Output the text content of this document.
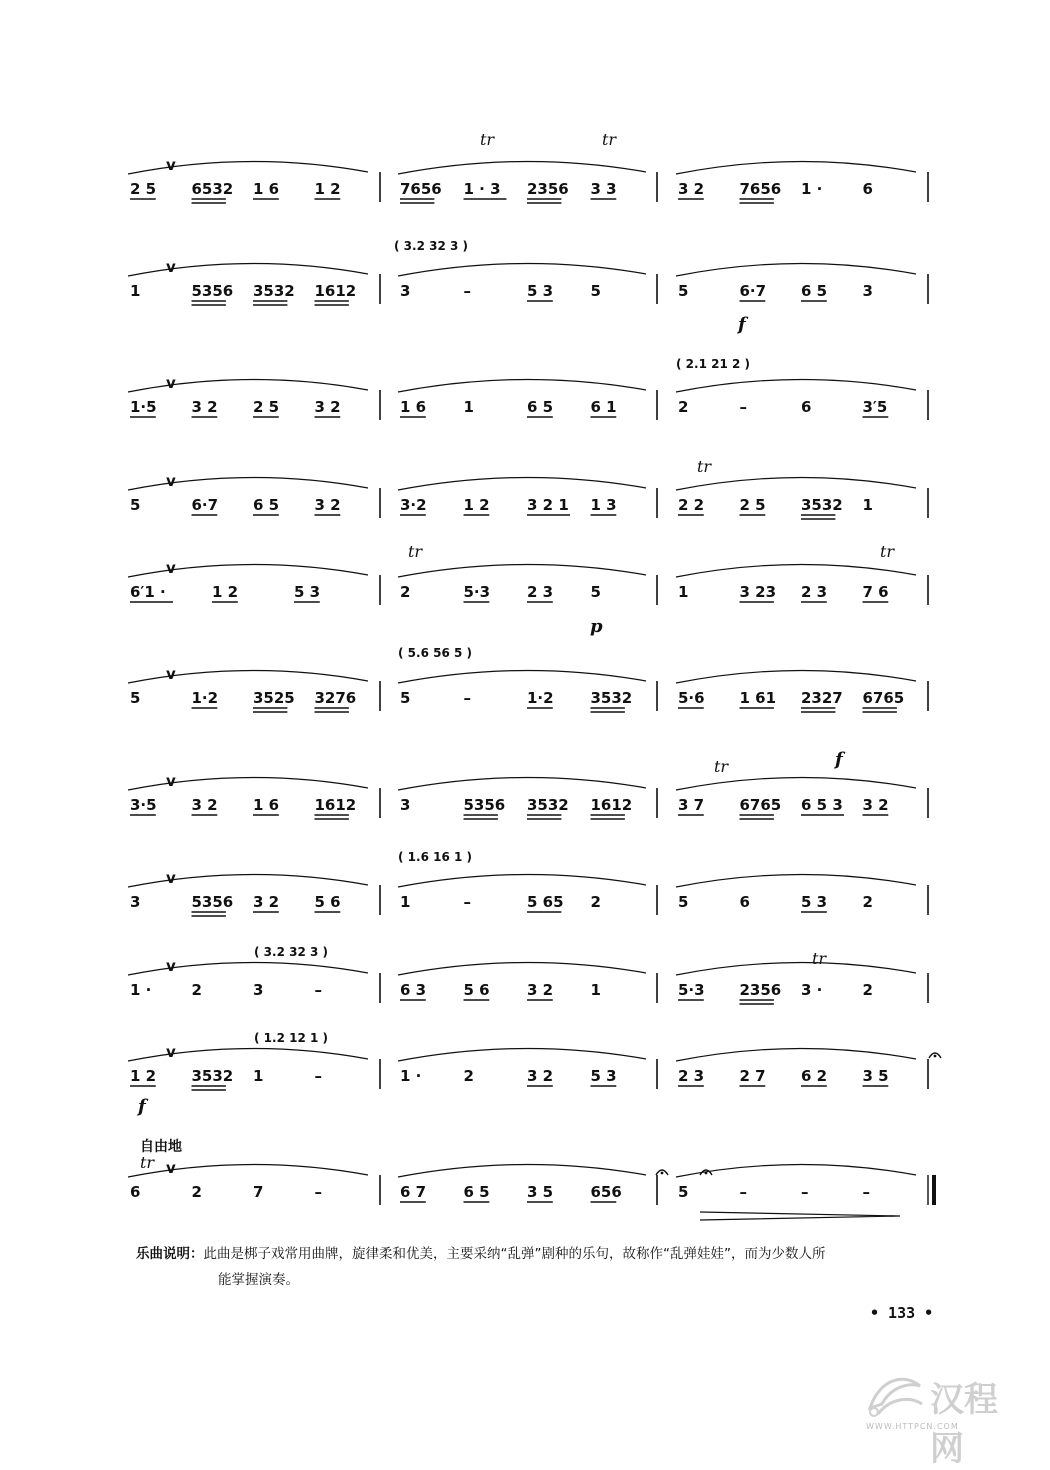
2 5 6532 1 6 1 2	7656 1 · 3 2356 3 3	3 2 7656 1 ·	6
v
1	5356 3532 1612	3	–	5 3 5	5	6·7 6 5 3
v
1·5 3 2 2 5 3 2	1 6 1	6 5 6 1	2	–	6	3′5
v
5	6·7 6 5 3 2	3·2 1 2 3 2 1 1 3	2 2 2 5 3532 1
v
6′1 ·	1 2	5 3	2	5·3 2 3 5	1	3 23 2 3 7 6
v
5	1·2 3525 3276	5	–	1·2 3532	5·6 1 61 2327 6765
v
3·5 3 2 1 6 1612	3	5356 3532 1612	3 7 6765 6 5 3 3 2
v
3	5356 3 2 5 6	1	–	5 65 2	5	6	5 3 2
v
1 ·	2	3	–	6 3 5 6 3 2 1	5·3 2356 3 ·	2
v
1 2 3532 1	–	1 ·	2	3 2 5 3	2 3 2 7 6 2 3 5
v
6	2	7	–	6 7 6 5 3 5 656	5	–	–	–
v
tr	tr
tr
tr	tr
tr
tr
tr
f
f
f
p
( 3.2 32 3 )
( 2.1 21 2 )
( 5.6 56 5 )
( 1.6 16 1 )
( 3.2 32 3 )
( 1.2 12 1 )
自由地
乐曲说明：此曲是梆子戏常用曲牌，旋律柔和优美，主要采纳“乱弹”剧种的乐句，故称作“乱弹娃娃”，而为少数人所
能掌握演奏。
• 133 •
汉程网
WWW.HTTPCN.COM
